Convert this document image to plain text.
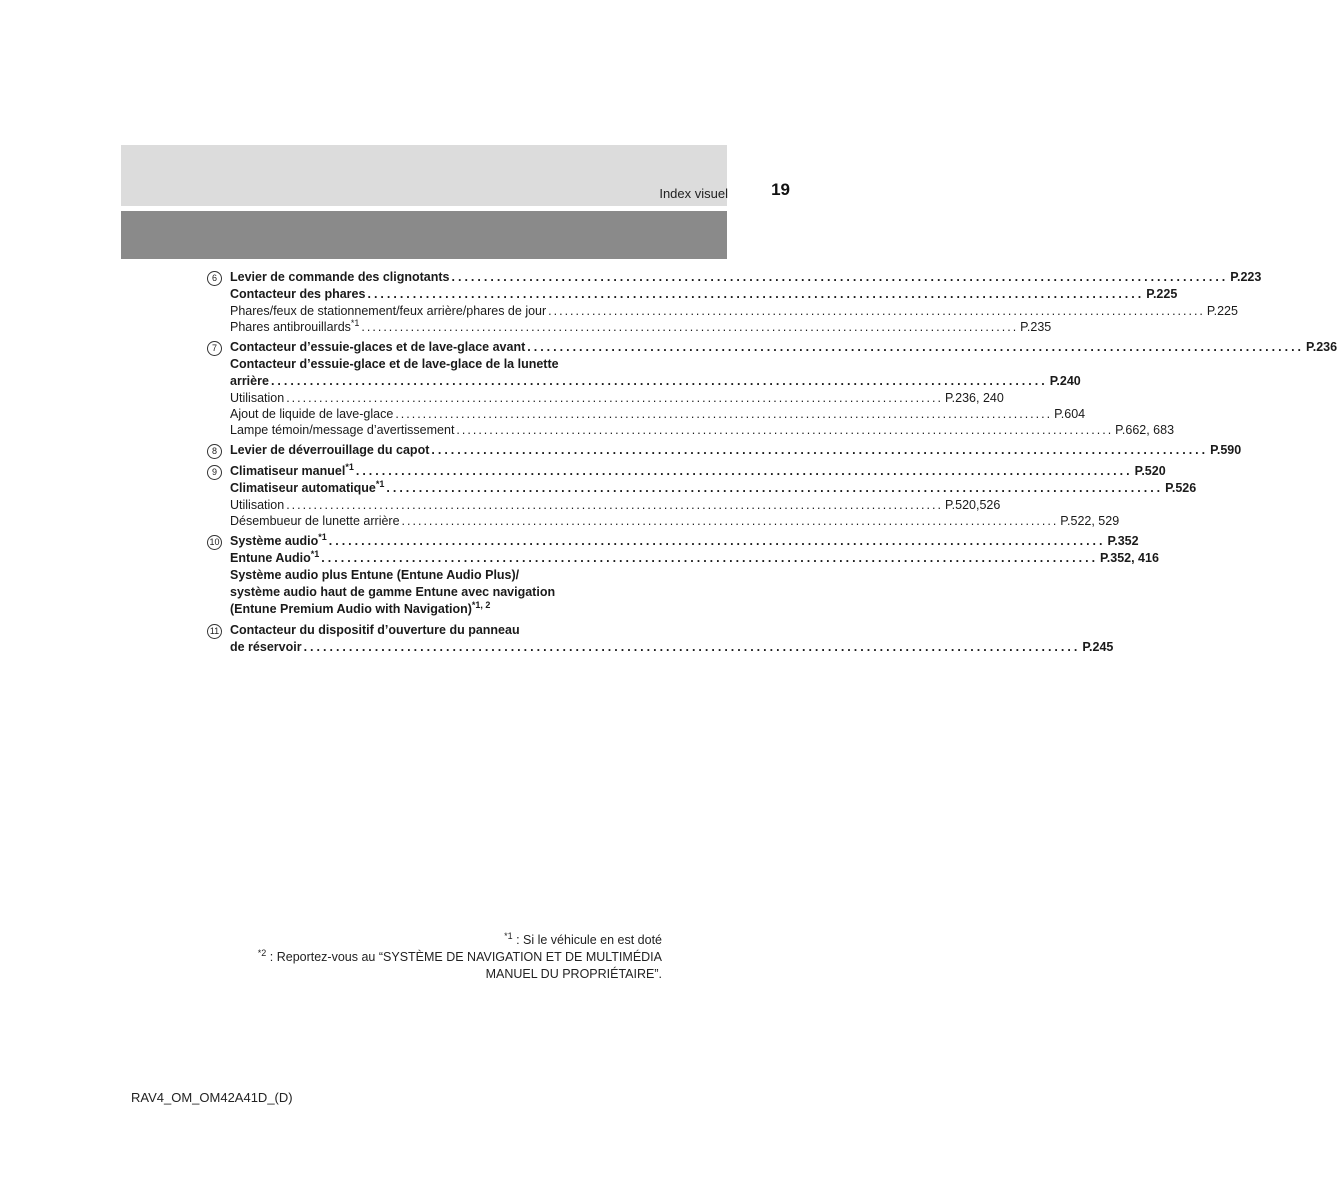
Index visuel	19
6	Levier de commande des clignotants ........................................................................................................................ P.223
Contacteur des phares ........................................................................................................................ P.225
Phares/feux de stationnement/feux arrière/phares de jour ........................................................................................................................ P.225
Phares antibrouillards$^{*1}$ ........................................................................................................................ P.235
7	Contacteur d’essuie-glaces et de lave-glace avant ........................................................................................................................ P.236
Contacteur d’essuie-glace et de lave-glace de la lunette
arrière ........................................................................................................................ P.240
Utilisation ........................................................................................................................ P.236, 240
Ajout de liquide de lave-glace ........................................................................................................................ P.604
Lampe témoin/message d’avertissement ........................................................................................................................ P.662, 683
8	Levier de déverrouillage du capot ........................................................................................................................ P.590
9	Climatiseur manuel$^{*1}$ ........................................................................................................................ P.520
Climatiseur automatique$^{*1}$ ........................................................................................................................ P.526
Utilisation ........................................................................................................................ P.520,526
Désembueur de lunette arrière ........................................................................................................................ P.522, 529
10 Système audio$^{*1}$ ........................................................................................................................ P.352
Entune Audio$^{*1}$ ........................................................................................................................ P.352, 416
Système audio plus Entune (Entune Audio Plus)/
système audio haut de gamme Entune avec navigation
(Entune Premium Audio with Navigation)$^{*1, 2}$
11 Contacteur du dispositif d’ouverture du panneau
de réservoir ........................................................................................................................ P.245
$^{*1}$ : Si le véhicule en est doté
$^{*2}$ : Reportez-vous au “SYSTÈME DE NAVIGATION ET DE MULTIMÉDIA
MANUEL DU PROPRIÉTAIRE”.
RAV4_OM_OM42A41D_(D)
